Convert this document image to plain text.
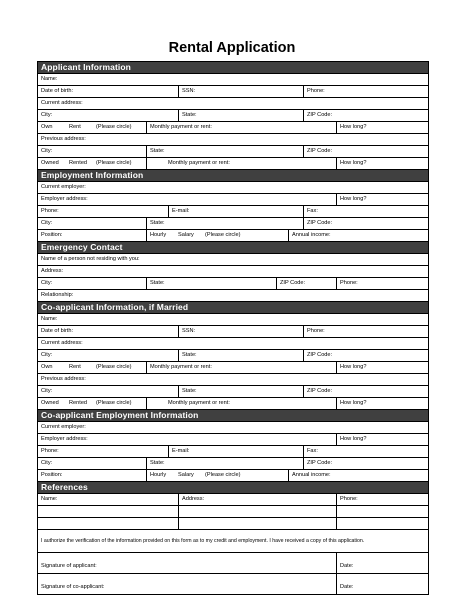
Rental Application
Applicant Information
Name:
Date of birth:	SSN:	Phone:
Current address:
City:	State:	ZIP Code:
Own	Rent	(Please circle)	Monthly payment or rent:	How long?
Previous address:
City:	State:	ZIP Code:
Owned Rented (Please circle)	Monthly payment or rent:	How long?
Employment Information
Current employer:
Employer address:	How long?
Phone:	E-mail:	Fax:
City:	State:	ZIP Code:
Position:	Hourly Salary (Please circle)	Annual income:
Emergency Contact
Name of a person not residing with you:
Address:
City:	State:	ZIP Code:	Phone:
Relationship:
Co-applicant Information, if Married
Name:
Date of birth:	SSN:	Phone:
Current address:
City:	State:	ZIP Code:
Own	Rent	(Please circle)	Monthly payment or rent:	How long?
Previous address:
City:	State:	ZIP Code:
Owned Rented (Please circle)	Monthly payment or rent:	How long?
Co-applicant Employment Information
Current employer:
Employer address:	How long?
Phone:	E-mail:	Fax:
City:	State:	ZIP Code:
Position:	Hourly Salary (Please circle)	Annual income:
References
Name:	Address:	Phone:
I authorize the verification of the information provided on this form as to my credit and employment. I have received a copy of this application.
Signature of applicant:	Date:
Signature of co-applicant:	Date:
